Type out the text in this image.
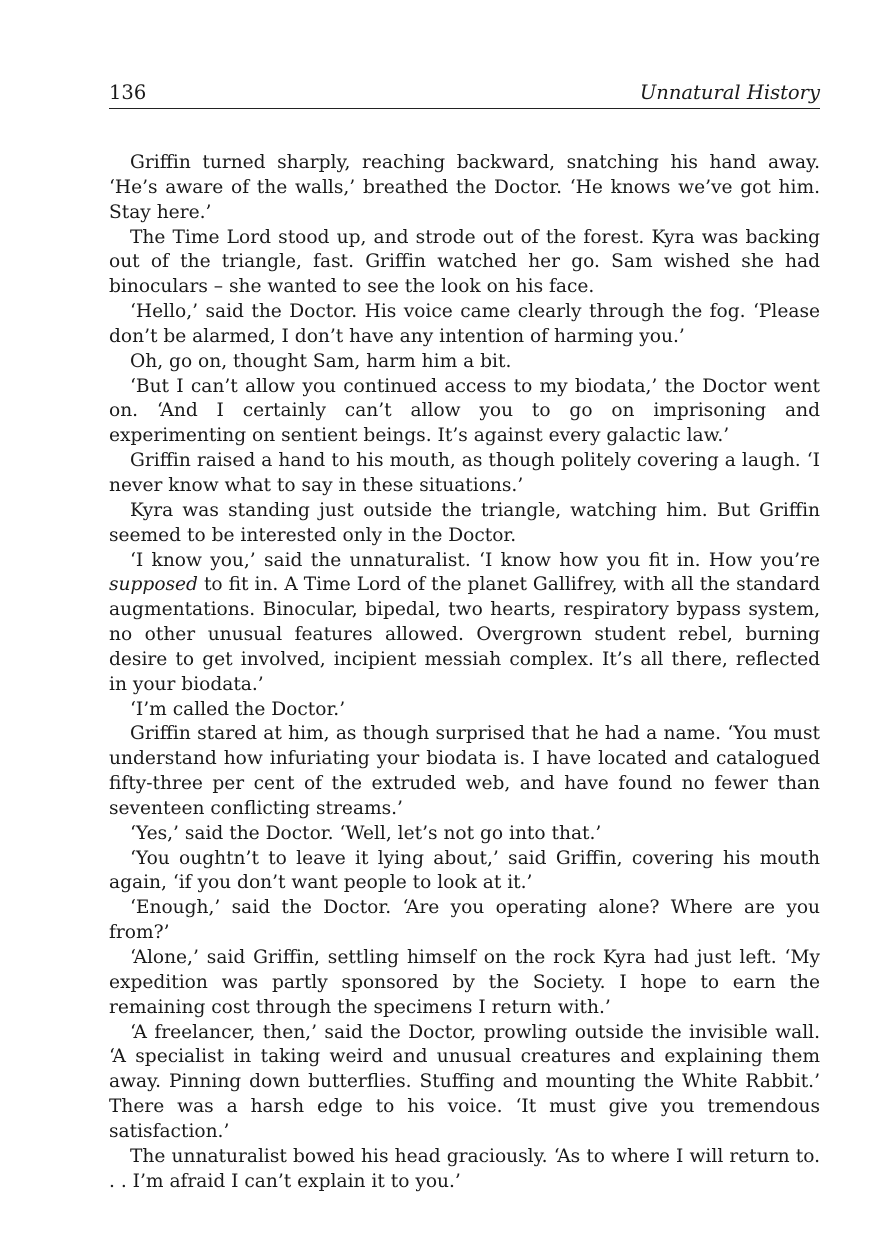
136	Unnatural History

Griffin turned sharply, reaching backward, snatching his hand away. ‘He’s aware of the walls,’ breathed the Doctor. ‘He knows we’ve got him. Stay here.’

The Time Lord stood up, and strode out of the forest. Kyra was backing out of the triangle, fast. Griffin watched her go. Sam wished she had binoculars – she wanted to see the look on his face.

‘Hello,’ said the Doctor. His voice came clearly through the fog. ‘Please don’t be alarmed, I don’t have any intention of harming you.’

Oh, go on, thought Sam, harm him a bit.

‘But I can’t allow you continued access to my biodata,’ the Doctor went on. ‘And I certainly can’t allow you to go on imprisoning and experimenting on sentient beings. It’s against every galactic law.’

Griffin raised a hand to his mouth, as though politely covering a laugh. ‘I never know what to say in these situations.’

Kyra was standing just outside the triangle, watching him. But Griffin seemed to be interested only in the Doctor.

‘I know you,’ said the unnaturalist. ‘I know how you fit in. How you’re supposed to fit in. A Time Lord of the planet Gallifrey, with all the standard augmentations. Binocular, bipedal, two hearts, respiratory bypass system, no other unusual features allowed. Overgrown student rebel, burning desire to get involved, incipient messiah complex. It’s all there, reflected in your biodata.’

‘I’m called the Doctor.’

Griffin stared at him, as though surprised that he had a name. ‘You must understand how infuriating your biodata is. I have located and catalogued fifty-three per cent of the extruded web, and have found no fewer than seventeen conflicting streams.’

‘Yes,’ said the Doctor. ‘Well, let’s not go into that.’

‘You oughtn’t to leave it lying about,’ said Griffin, covering his mouth again, ‘if you don’t want people to look at it.’

‘Enough,’ said the Doctor. ‘Are you operating alone? Where are you from?’

‘Alone,’ said Griffin, settling himself on the rock Kyra had just left. ‘My expedition was partly sponsored by the Society. I hope to earn the remaining cost through the specimens I return with.’

‘A freelancer, then,’ said the Doctor, prowling outside the invisible wall. ‘A specialist in taking weird and unusual creatures and explaining them away. Pinning down butterflies. Stuffing and mounting the White Rabbit.’ There was a harsh edge to his voice. ‘It must give you tremendous satisfaction.’

The unnaturalist bowed his head graciously. ‘As to where I will return to. . . I’m afraid I can’t explain it to you.’
